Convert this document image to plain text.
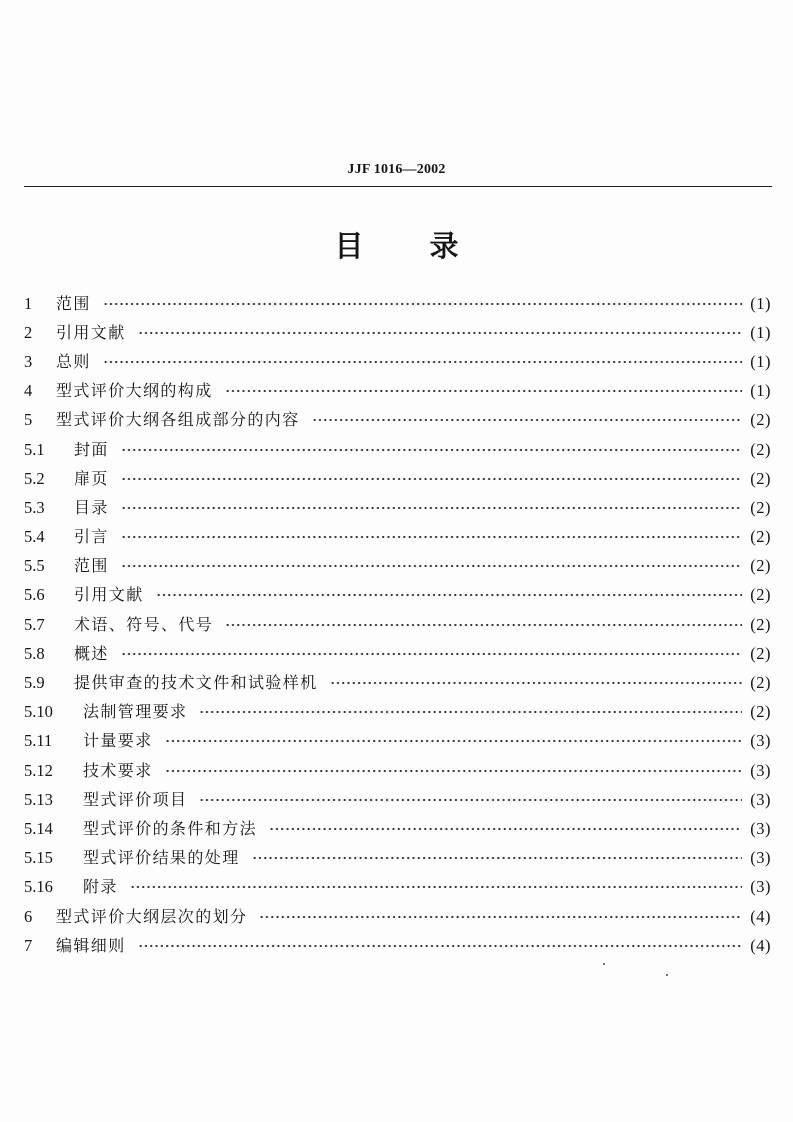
JJF 1016—2002
目 录
1	范围	(1)
2	引用文献	(1)
3	总则	(1)
4	型式评价大纲的构成	(1)
5	型式评价大纲各组成部分的内容	(2)
5.1	封面	(2)
5.2	扉页	(2)
5.3	目录	(2)
5.4	引言	(2)
5.5	范围	(2)
5.6	引用文献	(2)
5.7	术语、符号、代号	(2)
5.8	概述	(2)
5.9	提供审查的技术文件和试验样机	(2)
5.10	法制管理要求	(2)
5.11	计量要求	(3)
5.12	技术要求	(3)
5.13	型式评价项目	(3)
5.14	型式评价的条件和方法	(3)
5.15	型式评价结果的处理	(3)
5.16	附录	(3)
6	型式评价大纲层次的划分	(4)
7	编辑细则	(4)
